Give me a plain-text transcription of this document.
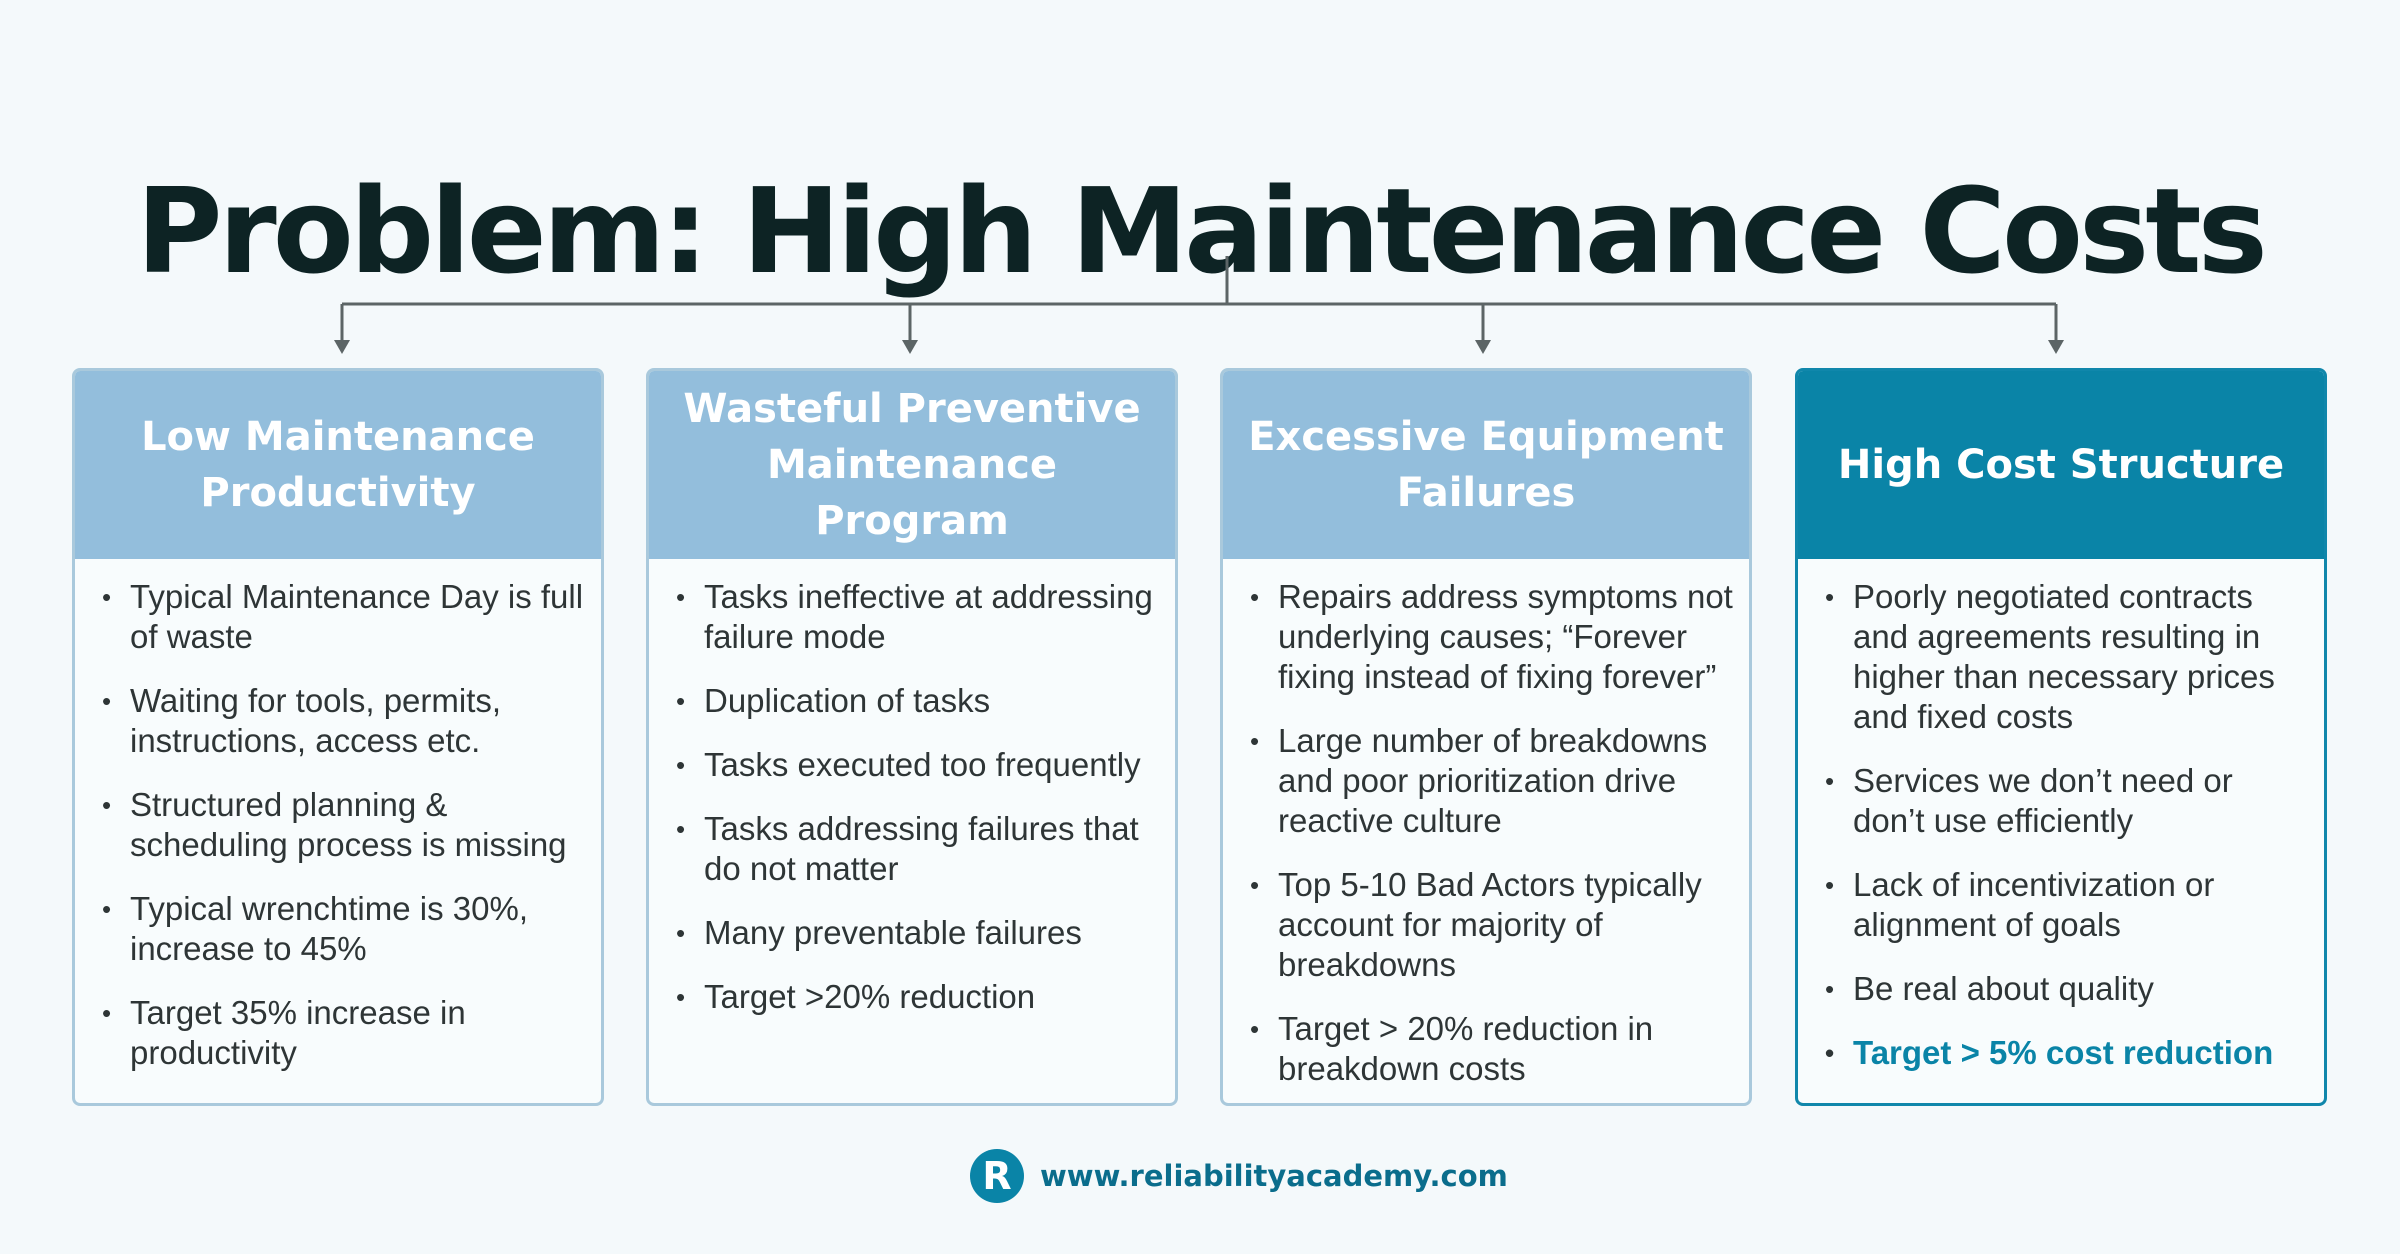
Problem: High Maintenance Costs
Low Maintenance Productivity
• Typical Maintenance Day is full of waste
• Waiting for tools, permits, instructions, access etc.
• Structured planning & scheduling process is missing
• Typical wrenchtime is 30%, increase to 45%
• Target 35% increase in productivity
Wasteful Preventive Maintenance Program
• Tasks ineffective at addressing failure mode
• Duplication of tasks
• Tasks executed too frequently
• Tasks addressing failures that do not matter
• Many preventable failures
• Target >20% reduction
Excessive Equipment Failures
• Repairs address symptoms not underlying causes; “Forever fixing instead of fixing forever”
• Large number of breakdowns and poor prioritization drive reactive culture
• Top 5-10 Bad Actors typically account for majority of breakdowns
• Target > 20% reduction in breakdown costs
High Cost Structure
• Poorly negotiated contracts and agreements resulting in higher than necessary prices and fixed costs
• Services we don’t need or don’t use efficiently
• Lack of incentivization or alignment of goals
• Be real about quality
• Target > 5% cost reduction
R www.reliabilityacademy.com
